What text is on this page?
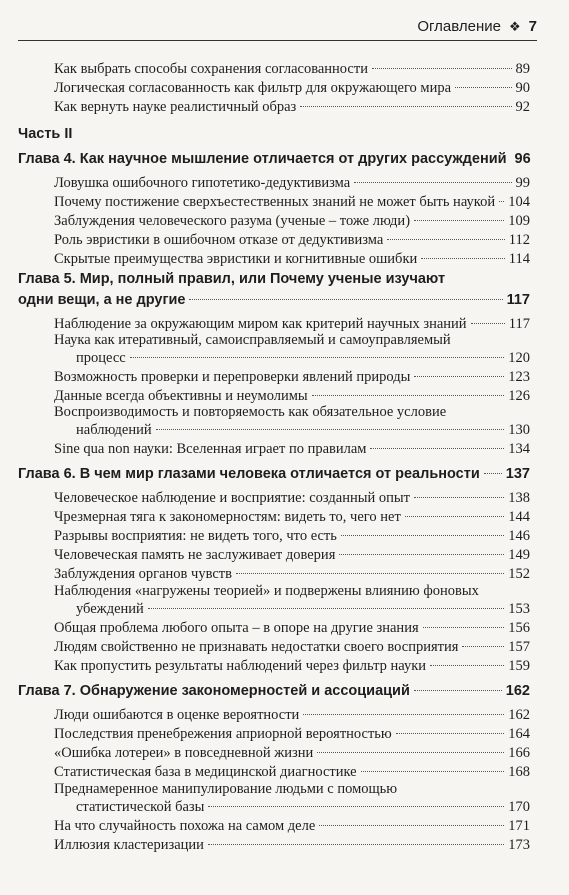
Оглавление ❖ 7
Как выбрать способы сохранения согласованности	89
Логическая согласованность как фильтр для окружающего мира	90
Как вернуть науке реалистичный образ	92
Часть II
Глава 4. Как научное мышление отличается от других рассуждений 96
Ловушка ошибочного гипотетико-дедуктивизма	99
Почему постижение сверхъестественных знаний не может быть наукой 104
Заблуждения человеческого разума (ученые – тоже люди)	109
Роль эвристики в ошибочном отказе от дедуктивизма	112
Скрытые преимущества эвристики и когнитивные ошибки	114
Глава 5. Мир, полный правил, или Почему ученые изучают
одни вещи, а не другие	117
Наблюдение за окружающим миром как критерий научных знаний	117
Наука как итеративный, самоисправляемый и самоуправляемый
процесс	120
Возможность проверки и перепроверки явлений природы	123
Данные всегда объективны и неумолимы	126
Воспроизводимость и повторяемость как обязательное условие
наблюдений	130
Sine qua non науки: Вселенная играет по правилам	134
Глава 6. В чем мир глазами человека отличается от реальности 137
Человеческое наблюдение и восприятие: созданный опыт	138
Чрезмерная тяга к закономерностям: видеть то, чего нет	144
Разрывы восприятия: не видеть того, что есть	146
Человеческая память не заслуживает доверия	149
Заблуждения органов чувств	152
Наблюдения «нагружены теорией» и подвержены влиянию фоновых
убеждений	153
Общая проблема любого опыта – в опоре на другие знания	156
Людям свойственно не признавать недостатки своего восприятия	157
Как пропустить результаты наблюдений через фильтр науки	159
Глава 7. Обнаружение закономерностей и ассоциаций	162
Люди ошибаются в оценке вероятности	162
Последствия пренебрежения априорной вероятностью	164
«Ошибка лотереи» в повседневной жизни	166
Статистическая база в медицинской диагностике	168
Преднамеренное манипулирование людьми с помощью
статистической базы	170
На что случайность похожа на самом деле	171
Иллюзия кластеризации	173
